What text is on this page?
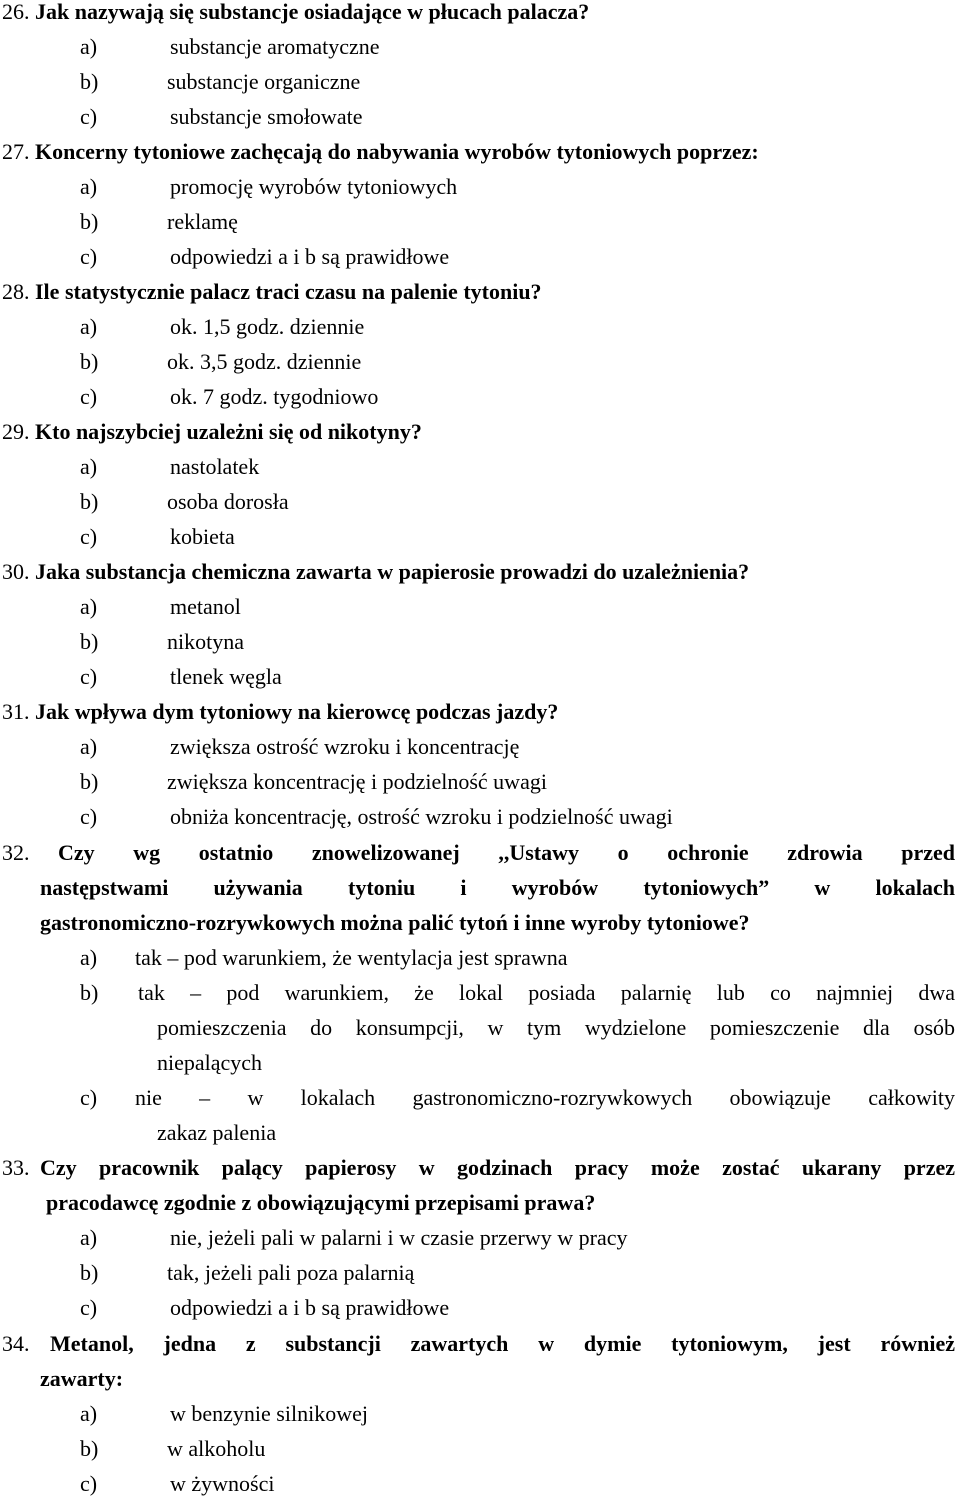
26. Jak nazywają się substancje osiadające w płucach palacza?
a)	substancje aromatyczne
b)	substancje organiczne
c)	substancje smołowate
27. Koncerny tytoniowe zachęcają do nabywania wyrobów tytoniowych poprzez:
a)	promocję wyrobów tytoniowych
b)	reklamę
c)	odpowiedzi a i b są prawidłowe
28. Ile statystycznie palacz traci czasu na palenie tytoniu?
a)	ok. 1,5 godz. dziennie
b)	ok. 3,5 godz. dziennie
c)	ok. 7 godz. tygodniowo
29. Kto najszybciej uzależni się od nikotyny?
a)	nastolatek
b)	osoba dorosła
c)	kobieta
30. Jaka substancja chemiczna zawarta w papierosie prowadzi do uzależnienia?
a)	metanol
b)	nikotyna
c)	tlenek węgla
31. Jak wpływa dym tytoniowy na kierowcę podczas jazdy?
a)	zwiększa ostrość wzroku i koncentrację
b)	zwiększa koncentrację i podzielność uwagi
c)	obniża koncentrację, ostrość wzroku i podzielność uwagi
32. Czy wg ostatnio znowelizowanej ,,Ustawy o ochronie zdrowia przed
następstwami używania tytoniu i wyrobów tytoniowych” w lokalach
gastronomiczno-rozrywkowych można palić tytoń i inne wyroby tytoniowe?
a) tak – pod warunkiem, że wentylacja jest sprawna
b) tak – pod warunkiem, że lokal posiada palarnię lub co najmniej dwa
pomieszczenia do konsumpcji, w tym wydzielone pomieszczenie dla osób
niepalących
c) nie – w lokalach gastronomiczno-rozrywkowych obowiązuje całkowity
zakaz palenia
33. Czy pracownik palący papierosy w godzinach pracy może zostać ukarany przez
pracodawcę zgodnie z obowiązującymi przepisami prawa?
a)	nie, jeżeli pali w palarni i w czasie przerwy w pracy
b)	tak, jeżeli pali poza palarnią
c)	odpowiedzi a i b są prawidłowe
34. Metanol, jedna z substancji zawartych w dymie tytoniowym, jest również
zawarty:
a)	w benzynie silnikowej
b)	w alkoholu
c)	w żywności
